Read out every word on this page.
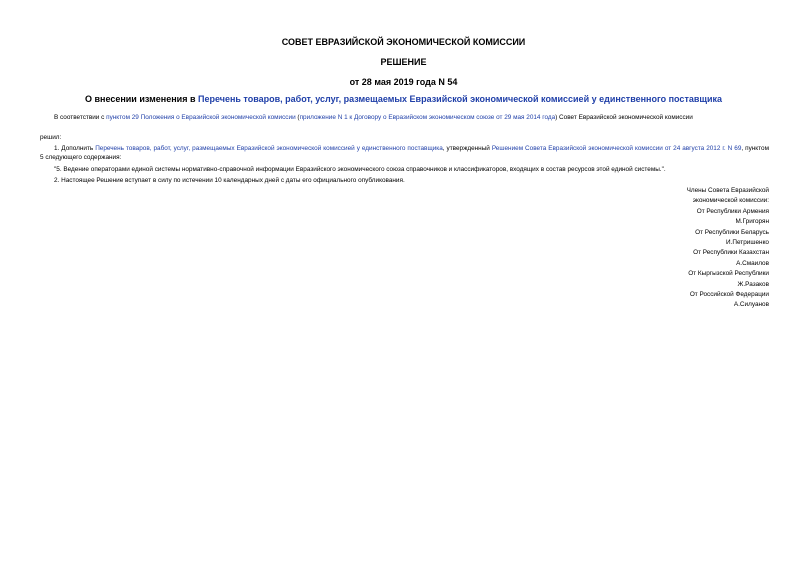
СОВЕТ ЕВРАЗИЙСКОЙ ЭКОНОМИЧЕСКОЙ КОМИССИИ
РЕШЕНИЕ
от 28 мая 2019 года N 54
О внесении изменения в Перечень товаров, работ, услуг, размещаемых Евразийской экономической комиссией у единственного поставщика
В соответствии с пунктом 29 Положения о Евразийской экономической комиссии (приложение N 1 к Договору о Евразийском экономическом союзе от 29 мая 2014 года) Совет Евразийской экономической комиссии
решил:
1. Дополнить Перечень товаров, работ, услуг, размещаемых Евразийской экономической комиссией у единственного поставщика, утвержденный Решением Совета Евразийской экономической комиссии от 24 августа 2012 г. N 69, пунктом 5 следующего содержания:
"5. Ведение операторами единой системы нормативно-справочной информации Евразийского экономического союза справочников и классификаторов, входящих в состав ресурсов этой единой системы.".
2. Настоящее Решение вступает в силу по истечении 10 календарных дней с даты его официального опубликования.
Члены Совета Евразийской
экономической комиссии:
От Республики Армения
М.Григорян
От Республики Беларусь
И.Петришенко
От Республики Казахстан
А.Смаилов
От Кыргызской Республики
Ж.Разаков
От Российской Федерации
А.Силуанов
